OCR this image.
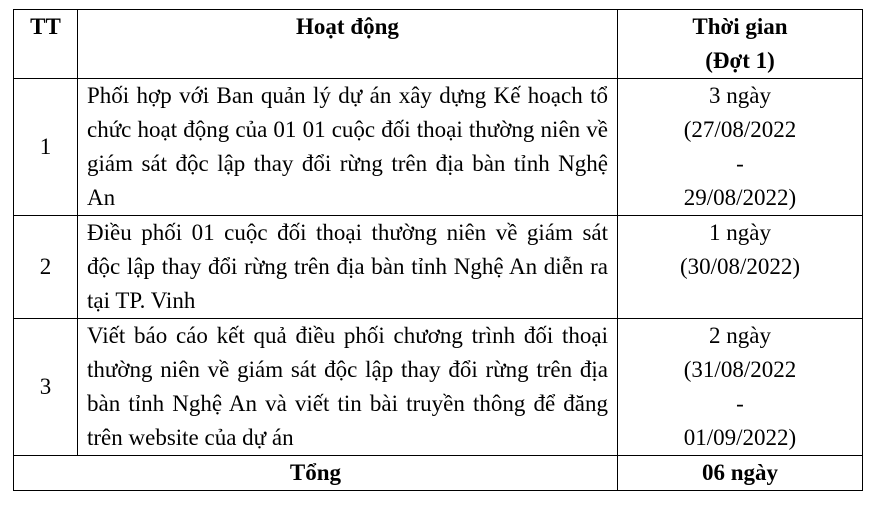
TT	Hoạt động	Thời gian
(Đợt 1)

1	Phối hợp với Ban quản lý dự án xây dựng Kế hoạch tổ chức hoạt động của 01 01 cuộc đối thoại thường niên về giám sát độc lập thay đổi rừng trên địa bàn tỉnh Nghệ An	3 ngày
(27/08/2022
-
29/08/2022)

2	Điều phối 01 cuộc đối thoại thường niên về giám sát độc lập thay đổi rừng trên địa bàn tỉnh Nghệ An diễn ra tại TP. Vinh	1 ngày
(30/08/2022)

3	Viết báo cáo kết quả điều phối chương trình đối thoại thường niên về giám sát độc lập thay đổi rừng trên địa bàn tỉnh Nghệ An và viết tin bài truyền thông để đăng trên website của dự án	2 ngày
(31/08/2022
-
01/09/2022)

Tổng		06 ngày
